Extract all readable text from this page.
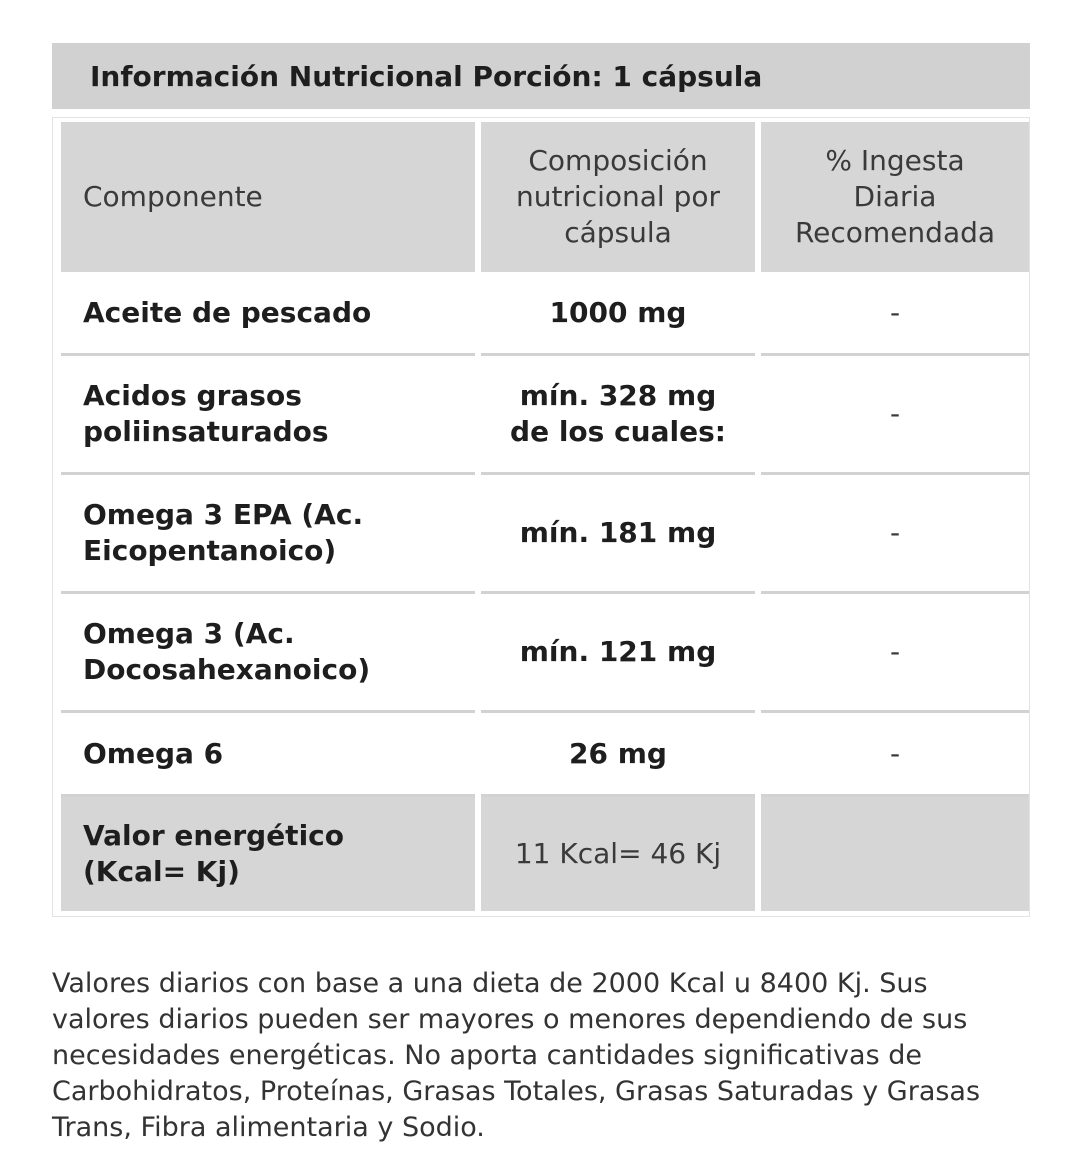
Información Nutricional Porción: 1 cápsula
Componente	Composición nutricional por cápsula	% Ingesta Diaria Recomendada
Aceite de pescado	1000 mg	-
Acidos grasos poliinsaturados	mín. 328 mg de los cuales:	-
Omega 3 EPA (Ac. Eicopentanoico)	mín. 181 mg	-
Omega 3 (Ac. Docosahexanoico)	mín. 121 mg	-
Omega 6	26 mg	-
Valor energético (Kcal= Kj)	11 Kcal= 46 Kj	
Valores diarios con base a una dieta de 2000 Kcal u 8400 Kj. Sus valores diarios pueden ser mayores o menores dependiendo de sus necesidades energéticas. No aporta cantidades significativas de Carbohidratos, Proteínas, Grasas Totales, Grasas Saturadas y Grasas Trans, Fibra alimentaria y Sodio.
